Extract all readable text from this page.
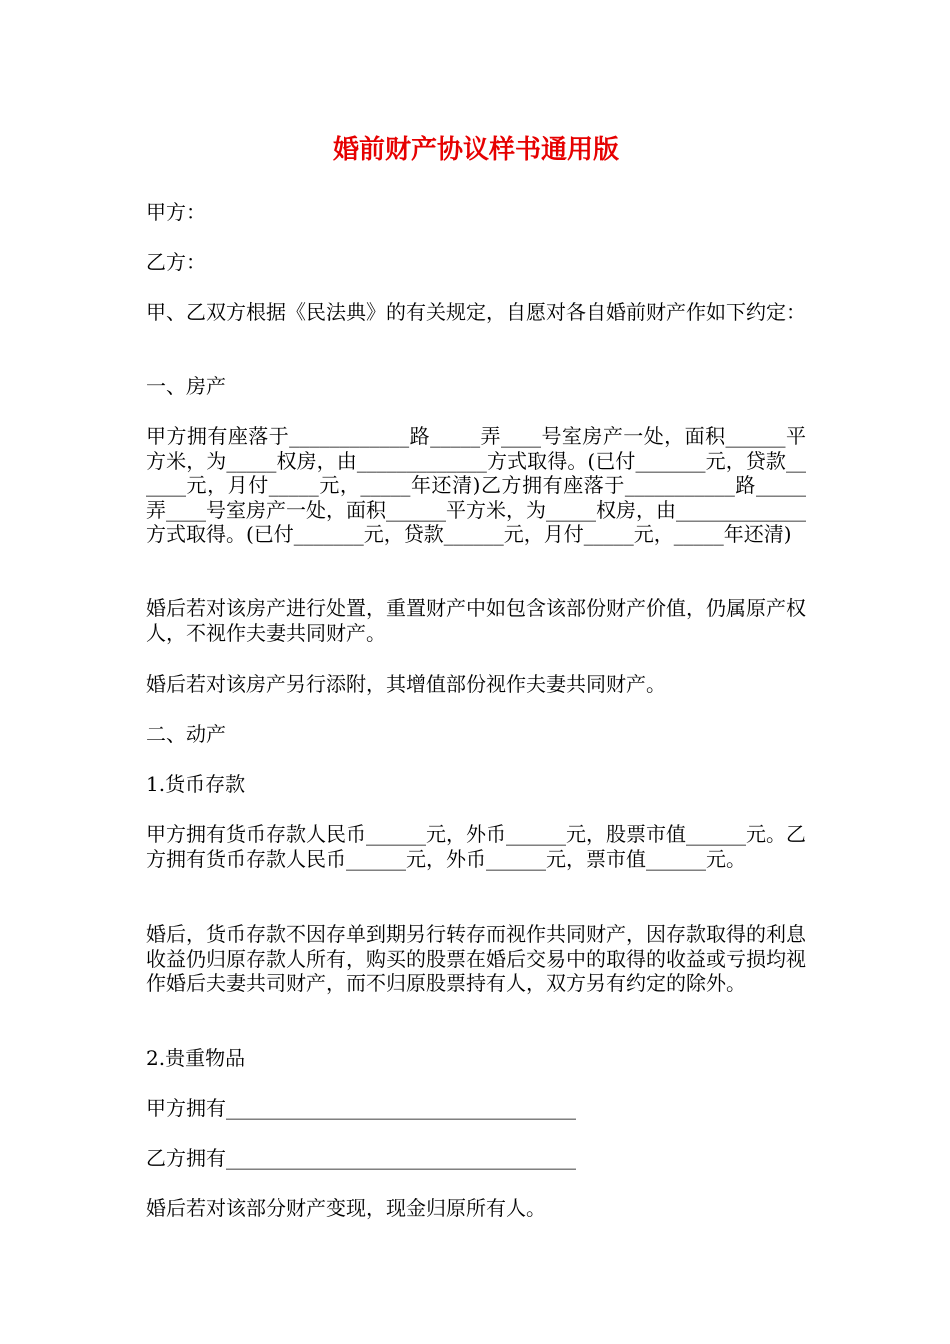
婚前财产协议样书通用版

甲方：

乙方：

甲、乙双方根据《民法典》的有关规定，自愿对各自婚前财产作如下约定：

一、房产

甲方拥有座落于____________路_____弄____号室房产一处，面积______平方米，为_____权房，由_____________方式取得。(已付_______元，贷款______元，月付_____元，_____年还清)乙方拥有座落于___________路_____弄____号室房产一处，面积______平方米，为_____权房，由_____________方式取得。(已付_______元，贷款______元，月付_____元，_____年还清)

婚后若对该房产进行处置，重置财产中如包含该部份财产价值，仍属原产权人，不视作夫妻共同财产。

婚后若对该房产另行添附，其增值部份视作夫妻共同财产。

二、动产

1.货币存款

甲方拥有货币存款人民币______元，外币______元，股票市值______元。乙方拥有货币存款人民币______元，外币______元，票市值______元。

婚后，货币存款不因存单到期另行转存而视作共同财产，因存款取得的利息收益仍归原存款人所有，购买的股票在婚后交易中的取得的收益或亏损均视作婚后夫妻共司财产，而不归原股票持有人，双方另有约定的除外。

2.贵重物品

甲方拥有___________________________________

乙方拥有___________________________________

婚后若对该部分财产变现，现金归原所有人。
